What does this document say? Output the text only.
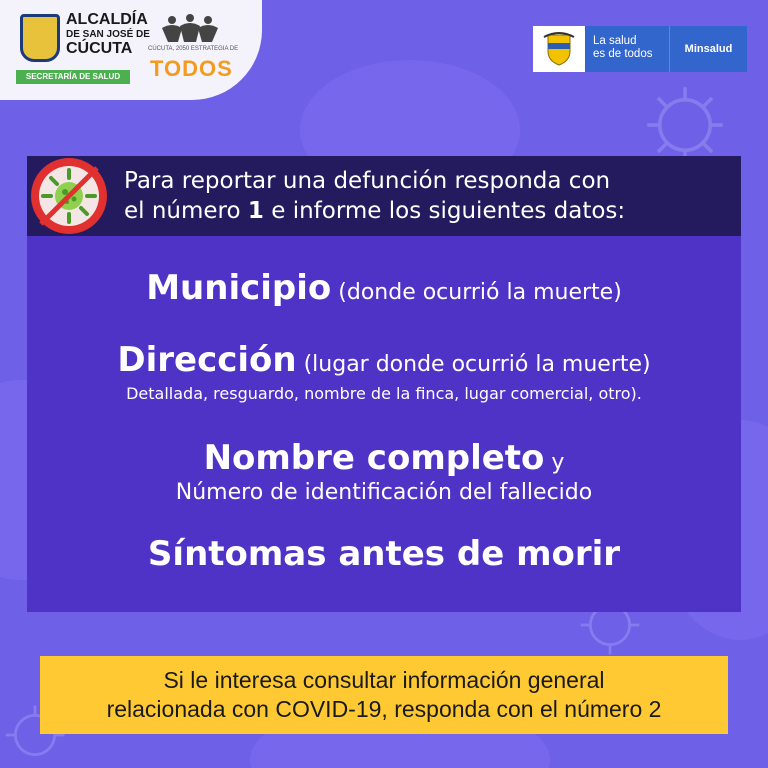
ALCALDÍA
DE SAN JOSÉ DE
CÚCUTA
SECRETARÍA DE SALUD
CÚCUTA, 2050 ESTRATEGIA DE
TODOS
La salud
es de todos	Minsalud
Para reportar una defunción responda con
el número 1 e informe los siguientes datos:
Municipio (donde ocurrió la muerte)
Dirección (lugar donde ocurrió la muerte)
Detallada, resguardo, nombre de la finca, lugar comercial, otro).
Nombre completo y
Número de identificación del fallecido
Síntomas antes de morir
Si le interesa consultar información general
relacionada con COVID-19, responda con el número 2
